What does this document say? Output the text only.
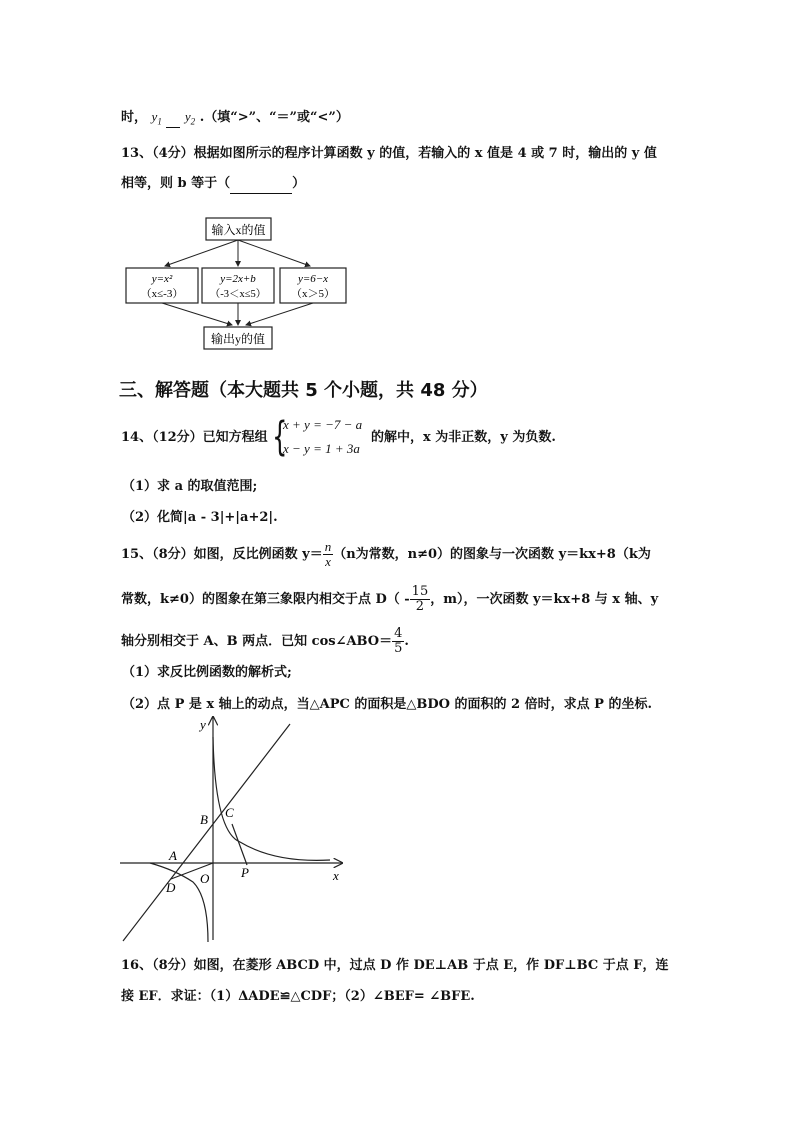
时， $y_1$ $y_2$ .（填“>”、“＝”或“<”）
13、（4分）根据如图所示的程序计算函数 y 的值，若输入的 x 值是 4 或 7 时，输出的 y 值
相等，则 b 等于（	）
输入x的值
y=x²
（x≤-3）
y=2x+b
（-3＜x≤5）
y=6−x
（x＞5）
输出y的值
三、解答题（本大题共 5 个小题，共 48 分）
14、（12分）已知方程组 {
x + y = −7 − a
x − y = 1 + 3a
的解中，x 为非正数，y 为负数.
（1）求 a 的取值范围;
（2）化简|a - 3|+|a+2|.
15、（8分）如图，反比例函数 $y= \frac{n}{x} (n$为常数，n≠0）的图象与一次函数 y＝kx+8（k为
常数，k≠0）的图象在第三象限内相交于点 $D( - \frac{15}{2}$ ，m），一次函数 y＝kx+8 与 x 轴、y
轴分别相交于 A、B 两点．已知 cos∠ABO＝ $\frac{4}{5}$ .
（1）求反比例函数的解析式;
（2）点 P 是 x 轴上的动点，当△APC 的面积是△BDO 的面积的 2 倍时，求点 P 的坐标.
y
x
B C
A
D
O P
16、（8分）如图，在菱形 ABCD 中，过点 D 作 DE⊥AB 于点 E，作 DF⊥BC 于点 F，连
接 EF．求证：（1）ΔADE≌△CDF；（2）∠BEF= ∠BFE.
